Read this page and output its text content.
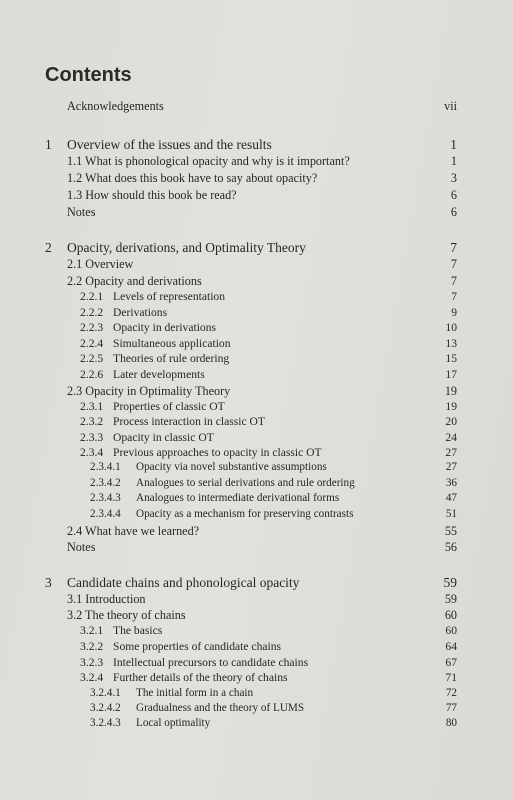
Contents
Acknowledgements	vii
1 Overview of the issues and the results	1
1.1 What is phonological opacity and why is it important?	1
1.2 What does this book have to say about opacity?	3
1.3 How should this book be read?	6
Notes	6
2 Opacity, derivations, and Optimality Theory	7
2.1 Overview	7
2.2 Opacity and derivations	7
2.2.1 Levels of representation	7
2.2.2 Derivations	9
2.2.3 Opacity in derivations	10
2.2.4 Simultaneous application	13
2.2.5 Theories of rule ordering	15
2.2.6 Later developments	17
2.3 Opacity in Optimality Theory	19
2.3.1 Properties of classic OT	19
2.3.2 Process interaction in classic OT	20
2.3.3 Opacity in classic OT	24
2.3.4 Previous approaches to opacity in classic OT	27
2.3.4.1 Opacity via novel substantive assumptions	27
2.3.4.2 Analogues to serial derivations and rule ordering	36
2.3.4.3 Analogues to intermediate derivational forms	47
2.3.4.4 Opacity as a mechanism for preserving contrasts	51
2.4 What have we learned?	55
Notes	56
3 Candidate chains and phonological opacity	59
3.1 Introduction	59
3.2 The theory of chains	60
3.2.1 The basics	60
3.2.2 Some properties of candidate chains	64
3.2.3 Intellectual precursors to candidate chains	67
3.2.4 Further details of the theory of chains	71
3.2.4.1 The initial form in a chain	72
3.2.4.2 Gradualness and the theory of LUMS	77
3.2.4.3 Local optimality	80
